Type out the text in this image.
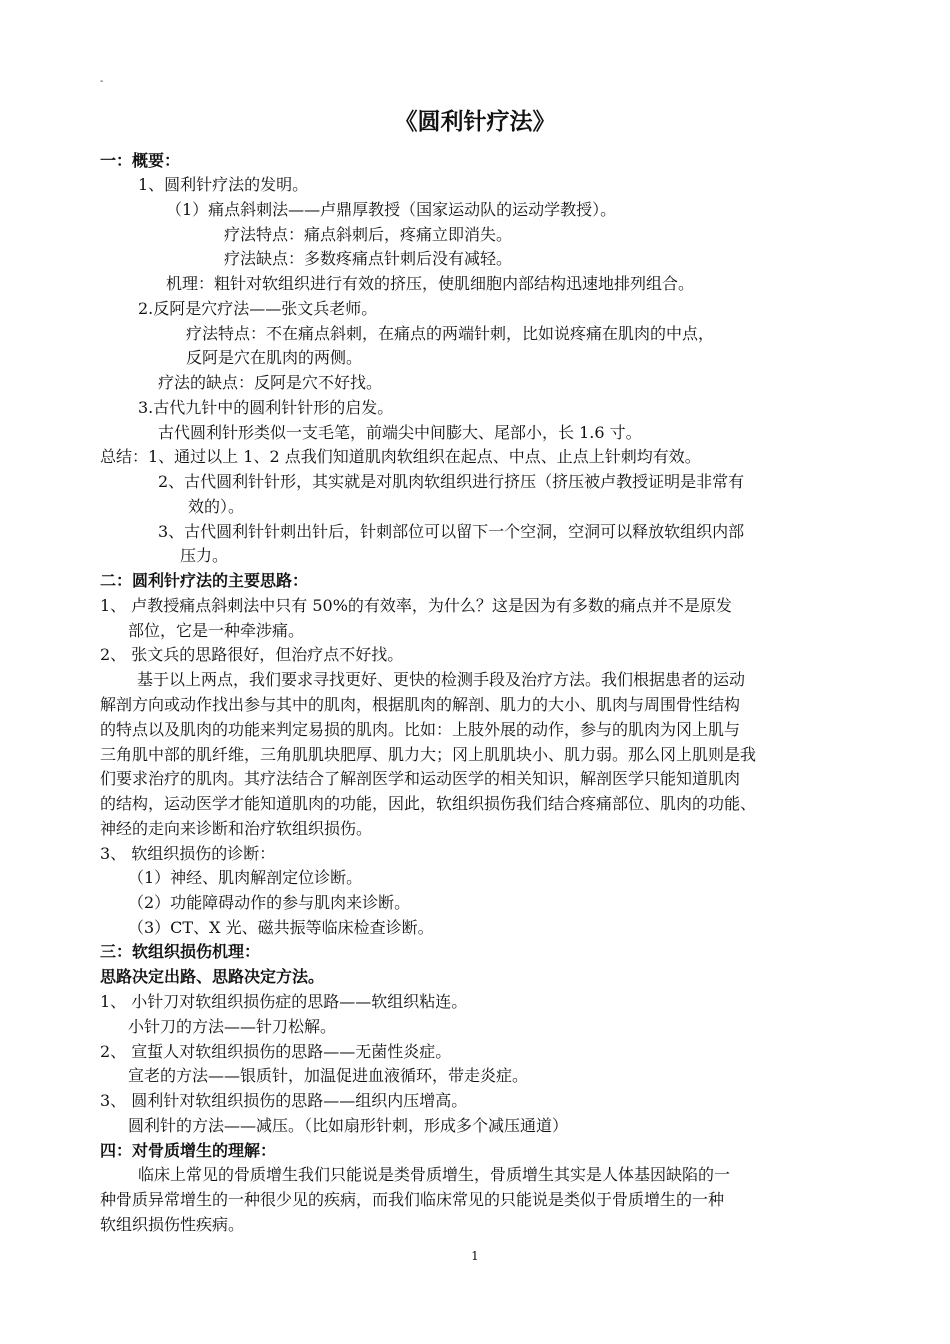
-
《圆利针疗法》
一：概要：
1、圆利针疗法的发明。
（1）痛点斜刺法——卢鼎厚教授（国家运动队的运动学教授）。
疗法特点：痛点斜刺后，疼痛立即消失。
疗法缺点：多数疼痛点针刺后没有减轻。
机理：粗针对软组织进行有效的挤压，使肌细胞内部结构迅速地排列组合。
2.反阿是穴疗法——张文兵老师。
疗法特点：不在痛点斜刺，在痛点的两端针刺，比如说疼痛在肌肉的中点，
反阿是穴在肌肉的两侧。
疗法的缺点：反阿是穴不好找。
3.古代九针中的圆利针针形的启发。
古代圆利针形类似一支毛笔，前端尖中间膨大、尾部小，长 1.6 寸。
总结：1、通过以上 1、2 点我们知道肌肉软组织在起点、中点、止点上针刺均有效。
2、古代圆利针针形，其实就是对肌肉软组织进行挤压（挤压被卢教授证明是非常有
效的）。
3、古代圆利针针刺出针后，针刺部位可以留下一个空洞，空洞可以释放软组织内部
压力。
二：圆利针疗法的主要思路：
1、 卢教授痛点斜刺法中只有 50%的有效率，为什么？这是因为有多数的痛点并不是原发
部位，它是一种牵涉痛。
2、 张文兵的思路很好，但治疗点不好找。
基于以上两点，我们要求寻找更好、更快的检测手段及治疗方法。我们根据患者的运动
解剖方向或动作找出参与其中的肌肉，根据肌肉的解剖、肌力的大小、肌肉与周围骨性结构
的特点以及肌肉的功能来判定易损的肌肉。比如：上肢外展的动作，参与的肌肉为冈上肌与
三角肌中部的肌纤维，三角肌肌块肥厚、肌力大；冈上肌肌块小、肌力弱。那么冈上肌则是我
们要求治疗的肌肉。其疗法结合了解剖医学和运动医学的相关知识，解剖医学只能知道肌肉
的结构，运动医学才能知道肌肉的功能，因此，软组织损伤我们结合疼痛部位、肌肉的功能、
神经的走向来诊断和治疗软组织损伤。
3、 软组织损伤的诊断：
（1）神经、肌肉解剖定位诊断。
（2）功能障碍动作的参与肌肉来诊断。
（3）CT、X 光、磁共振等临床检查诊断。
三：软组织损伤机理：
思路决定出路、思路决定方法。
1、 小针刀对软组织损伤症的思路——软组织粘连。
小针刀的方法——针刀松解。
2、 宣蜇人对软组织损伤的思路——无菌性炎症。
宣老的方法——银质针，加温促进血液循环，带走炎症。
3、 圆利针对软组织损伤的思路——组织内压增高。
圆利针的方法——减压。（比如扇形针刺，形成多个减压通道）
四：对骨质增生的理解：
临床上常见的骨质增生我们只能说是类骨质增生，骨质增生其实是人体基因缺陷的一
种骨质异常增生的一种很少见的疾病，而我们临床常见的只能说是类似于骨质增生的一种
软组织损伤性疾病。
1
